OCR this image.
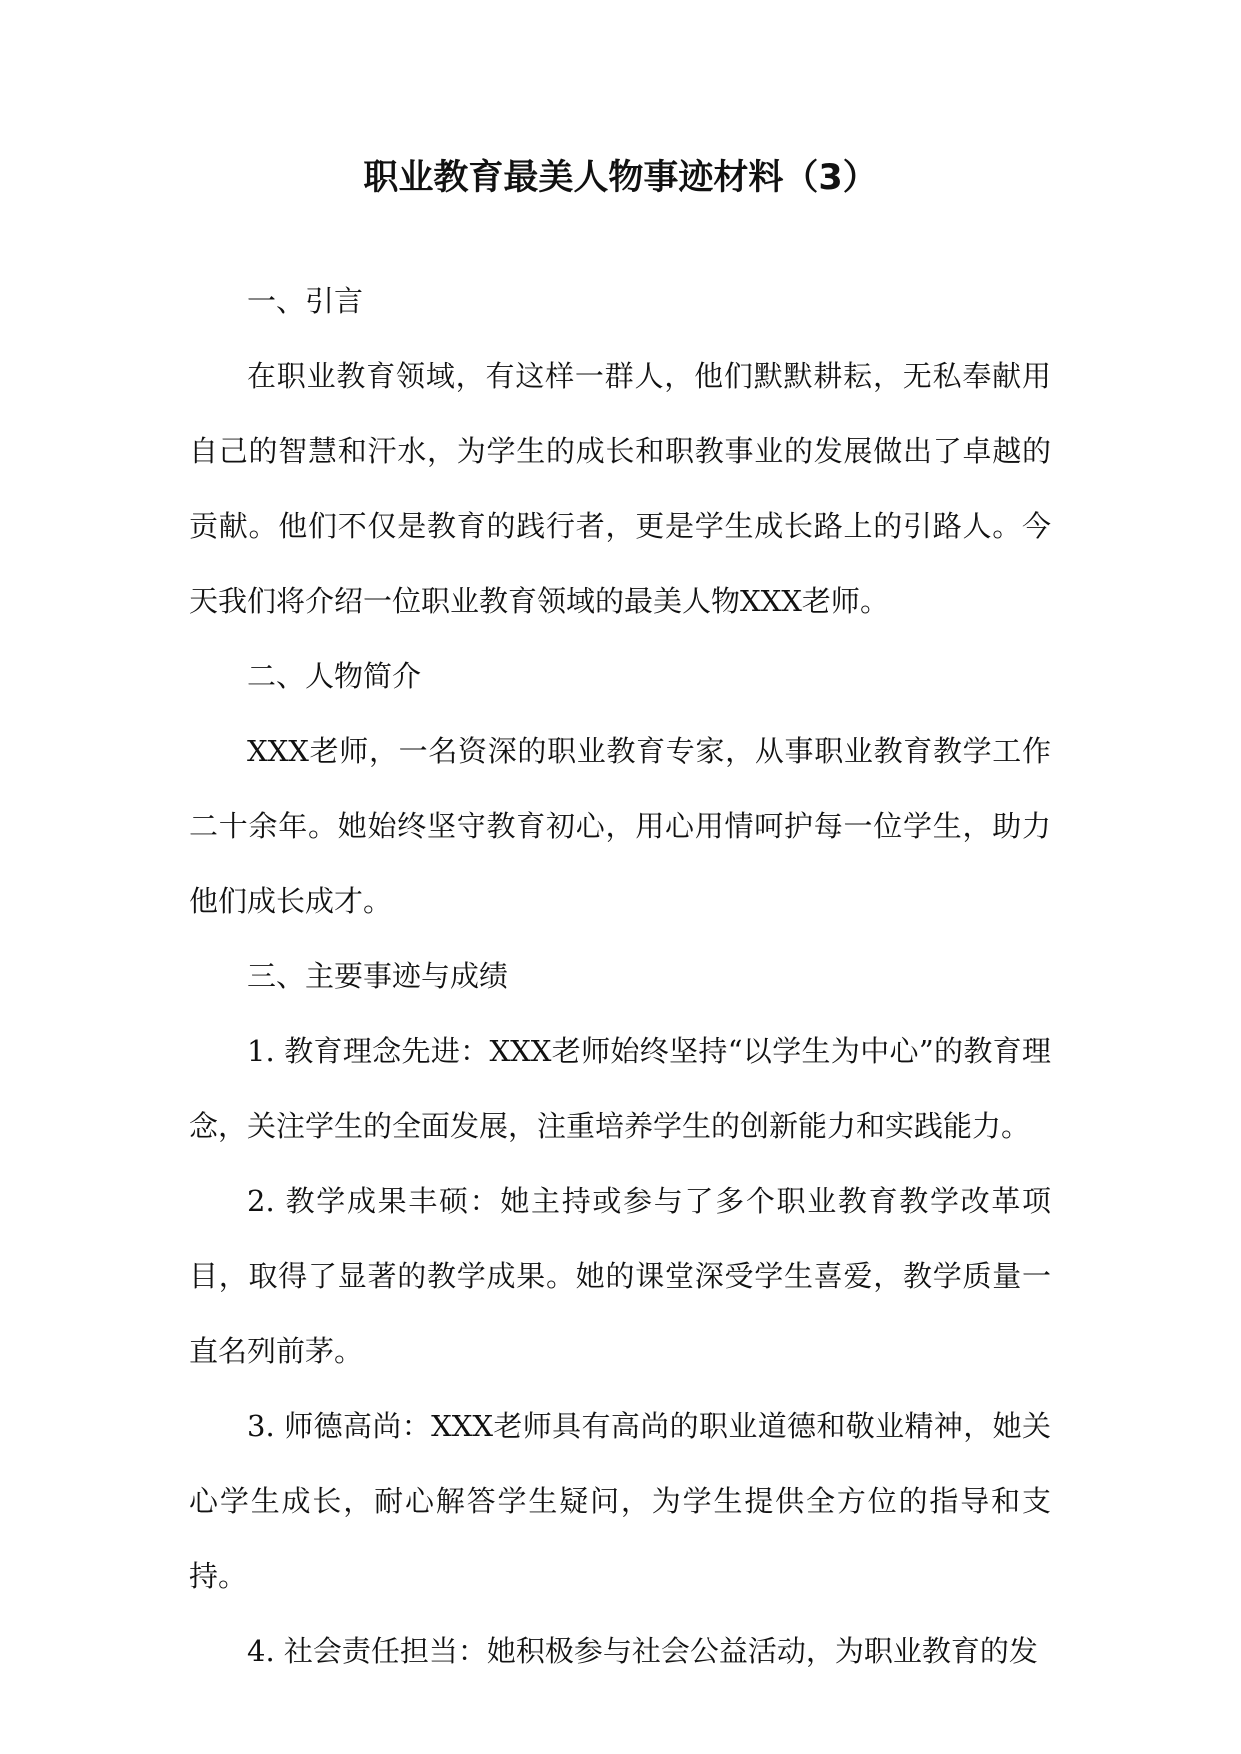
职业教育最美人物事迹材料（3）

一、引言

在职业教育领域，有这样一群人，他们默默耕耘，无私奉献用自己的智慧和汗水，为学生的成长和职教事业的发展做出了卓越的贡献。他们不仅是教育的践行者，更是学生成长路上的引路人。今天我们将介绍一位职业教育领域的最美人物XXX老师。

二、人物简介

XXX老师，一名资深的职业教育专家，从事职业教育教学工作二十余年。她始终坚守教育初心，用心用情呵护每一位学生，助力他们成长成才。

三、主要事迹与成绩

1. 教育理念先进：XXX老师始终坚持“以学生为中心”的教育理念，关注学生的全面发展，注重培养学生的创新能力和实践能力。

2. 教学成果丰硕：她主持或参与了多个职业教育教学改革项目，取得了显著的教学成果。她的课堂深受学生喜爱，教学质量一直名列前茅。

3. 师德高尚：XXX老师具有高尚的职业道德和敬业精神，她关心学生成长，耐心解答学生疑问，为学生提供全方位的指导和支持。

4. 社会责任担当：她积极参与社会公益活动，为职业教育的发
